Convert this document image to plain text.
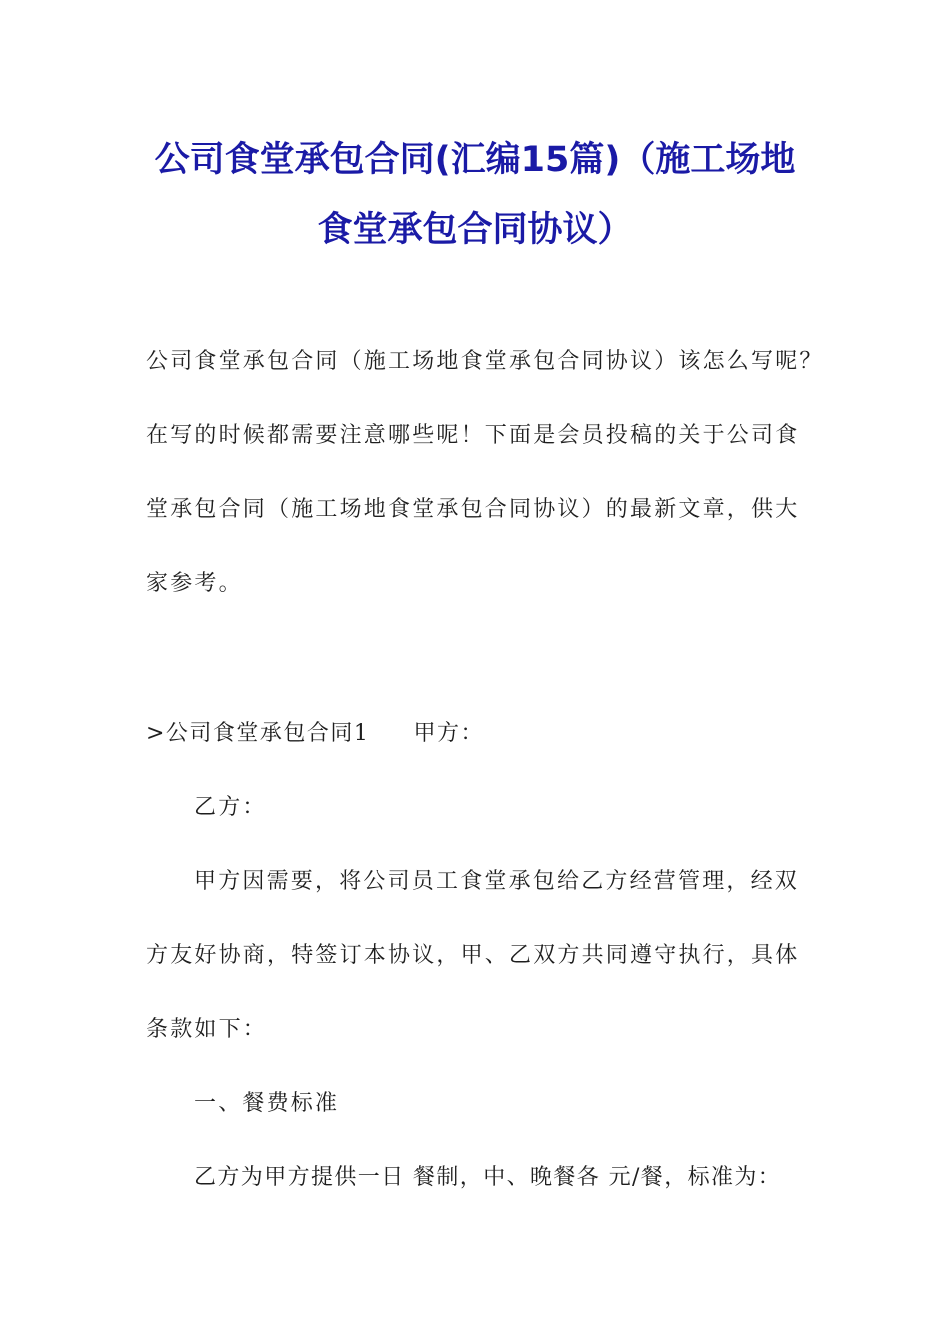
公司食堂承包合同(汇编15篇)（施工场地
食堂承包合同协议）
公司食堂承包合同（施工场地食堂承包合同协议）该怎么写呢？
在写的时候都需要注意哪些呢！下面是会员投稿的关于公司食
堂承包合同（施工场地食堂承包合同协议）的最新文章，供大
家参考。
>公司食堂承包合同1 甲方：
乙方：
甲方因需要，将公司员工食堂承包给乙方经营管理，经双
方友好协商，特签订本协议，甲、乙双方共同遵守执行，具体
条款如下：
一、餐费标准
乙方为甲方提供一日 餐制，中、晚餐各 元/餐，标准为：
